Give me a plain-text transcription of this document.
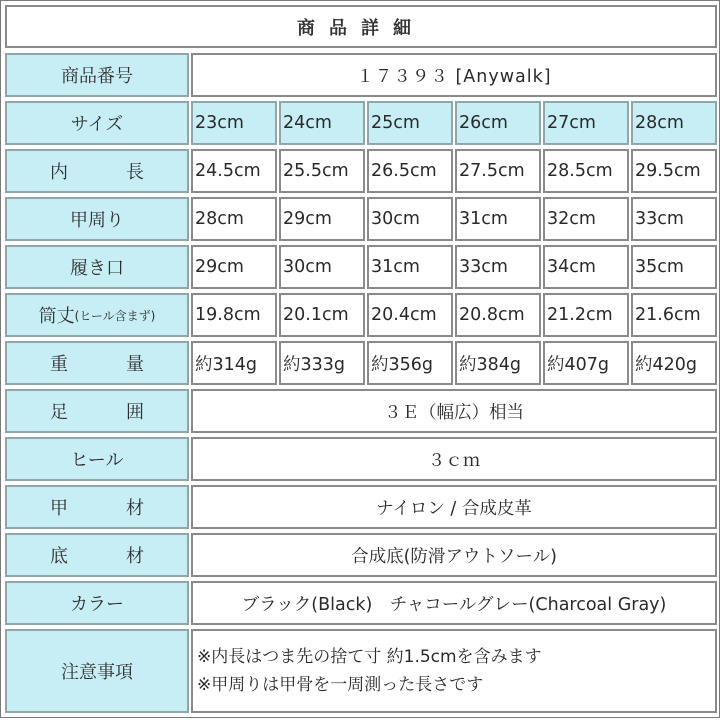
商品詳細
商品番号	１７３９３ [Anywalk]
サイズ	23cm	24cm	25cm	26cm	27cm	28cm
内　長	24.5cm	25.5cm	26.5cm	27.5cm	28.5cm	29.5cm
甲周り	28cm	29cm	30cm	31cm	32cm	33cm
履き口	29cm	30cm	31cm	33cm	34cm	35cm
筒丈 (ヒール含まず) 19.8cm	20.1cm	20.4cm	20.8cm	21.2cm	21.6cm
重　量	約314g	約333g	約356g	約384g	約407g	約420g
足　囲	３Ｅ（幅広）相当
ヒール	３ｃｍ
甲　材	ナイロン / 合成皮革
底　材	合成底(防滑アウトソール)
カラー	ブラック(Black)　チャコールグレー(Charcoal Gray)
注意事項
※内長はつま先の捨て寸 約1.5cmを含みます
※甲周りは甲骨を一周測った長さです
